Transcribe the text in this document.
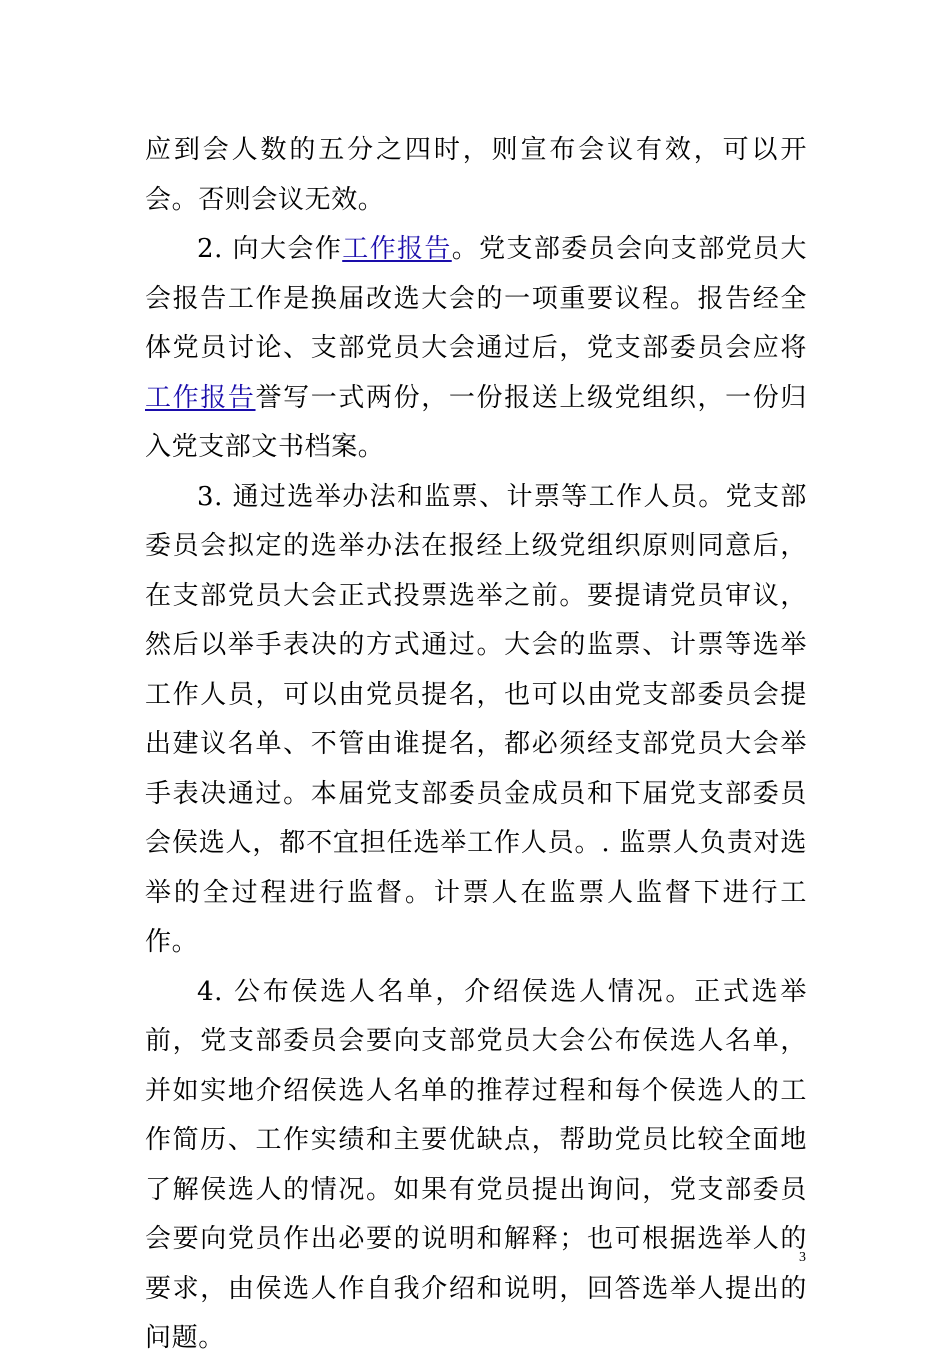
应到会人数的五分之四时，则宣布会议有效，可以开会。否则会议无效。

2. 向大会作工作报告。党支部委员会向支部党员大会报告工作是换届改选大会的一项重要议程。报告经全体党员讨论、支部党员大会通过后，党支部委员会应将工作报告誉写一式两份，一份报送上级党组织，一份归入党支部文书档案。

3. 通过选举办法和监票、计票等工作人员。党支部委员会拟定的选举办法在报经上级党组织原则同意后，在支部党员大会正式投票选举之前。要提请党员审议，然后以举手表决的方式通过。大会的监票、计票等选举工作人员，可以由党员提名，也可以由党支部委员会提出建议名单、不管由谁提名，都必须经支部党员大会举手表决通过。本届党支部委员金成员和下届党支部委员会侯选人，都不宜担任选举工作人员。. 监票人负责对选举的全过程进行监督。计票人在监票人监督下进行工作。

4. 公布侯选人名单，介绍侯选人情况。正式选举前，党支部委员会要向支部党员大会公布侯选人名单，并如实地介绍侯选人名单的推荐过程和每个侯选人的工作简历、工作实绩和主要优缺点，帮助党员比较全面地了解侯选人的情况。如果有党员提出询问，党支部委员会要向党员作出必要的说明和解释；也可根据选举人的要求，由侯选人作自我介绍和说明，回答选举人提出的问题。

3
